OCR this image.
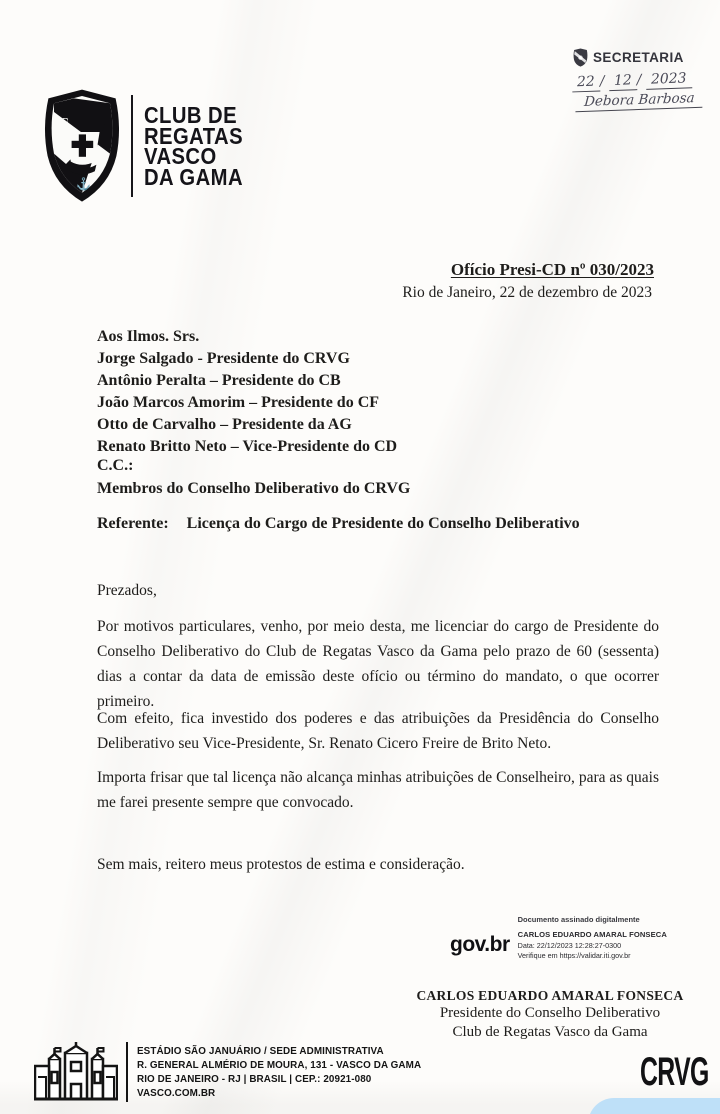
SECRETARIA
22 / 12 / 2023
Debora Barbosa
₢
⚓
CLUB DE
REGATAS
VASCO
DA GAMA
Ofício Presi-CD nº 030/2023
Rio de Janeiro, 22 de dezembro de 2023
Aos Ilmos. Srs.
Jorge Salgado - Presidente do CRVG
Antônio Peralta – Presidente do CB
João Marcos Amorim – Presidente do CF
Otto de Carvalho – Presidente da AG
Renato Britto Neto – Vice-Presidente do CD
C.C.:
Membros do Conselho Deliberativo do CRVG
Referente: Licença do Cargo de Presidente do Conselho Deliberativo
Prezados,
Por motivos particulares, venho, por meio desta, me licenciar do cargo de Presidente do Conselho Deliberativo do Club de Regatas Vasco da Gama pelo prazo de 60 (sessenta) dias a contar da data de emissão deste ofício ou término do mandato, o que ocorrer primeiro.
Com efeito, fica investido dos poderes e das atribuições da Presidência do Conselho Deliberativo seu Vice-Presidente, Sr. Renato Cicero Freire de Brito Neto.
Importa frisar que tal licença não alcança minhas atribuições de Conselheiro, para as quais me farei presente sempre que convocado.
Sem mais, reitero meus protestos de estima e consideração.
gov.br
Documento assinado digitalmente
CARLOS EDUARDO AMARAL FONSECA
Data: 22/12/2023 12:28:27-0300
Verifique em https://validar.iti.gov.br
CARLOS EDUARDO AMARAL FONSECA
Presidente do Conselho Deliberativo
Club de Regatas Vasco da Gama
ESTÁDIO SÃO JANUÁRIO / SEDE ADMINISTRATIVA
R. GENERAL ALMÉRIO DE MOURA, 131 - VASCO DA GAMA
RIO DE JANEIRO - RJ | BRASIL | CEP.: 20921-080
VASCO.COM.BR	CRVG
